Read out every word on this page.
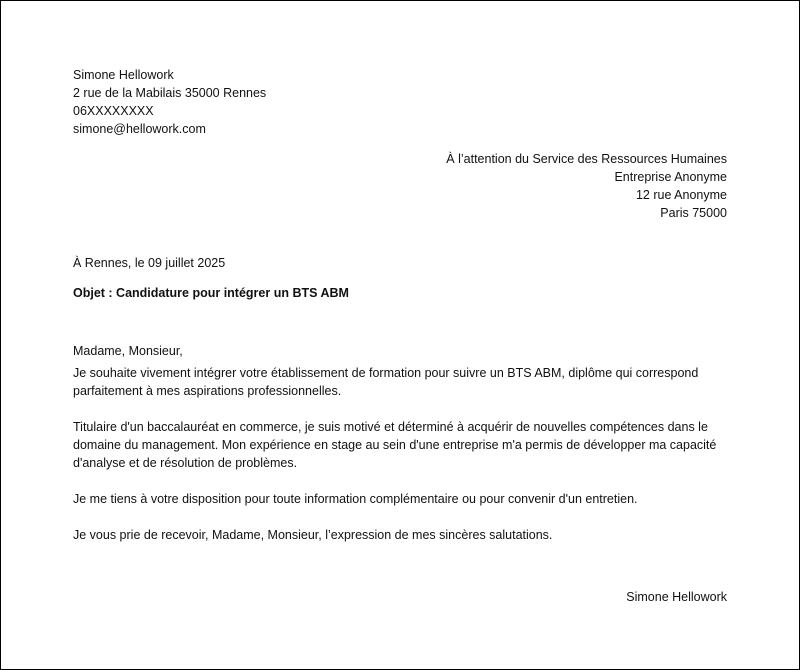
Simone Hellowork
2 rue de la Mabilais 35000 Rennes
06XXXXXXXX
simone@hellowork.com
À l’attention du Service des Ressources Humaines
Entreprise Anonyme
12 rue Anonyme
Paris 75000
À Rennes, le 09 juillet 2025
Objet : Candidature pour intégrer un BTS ABM

Madame, Monsieur,

Je souhaite vivement intégrer votre établissement de formation pour suivre un BTS ABM, diplôme qui correspond parfaitement à mes aspirations professionnelles.

Titulaire d'un baccalauréat en commerce, je suis motivé et déterminé à acquérir de nouvelles compétences dans le domaine du management. Mon expérience en stage au sein d'une entreprise m'a permis de développer ma capacité d'analyse et de résolution de problèmes.

Je me tiens à votre disposition pour toute information complémentaire ou pour convenir d'un entretien.

Je vous prie de recevoir, Madame, Monsieur, l’expression de mes sincères salutations.

Simone Hellowork
